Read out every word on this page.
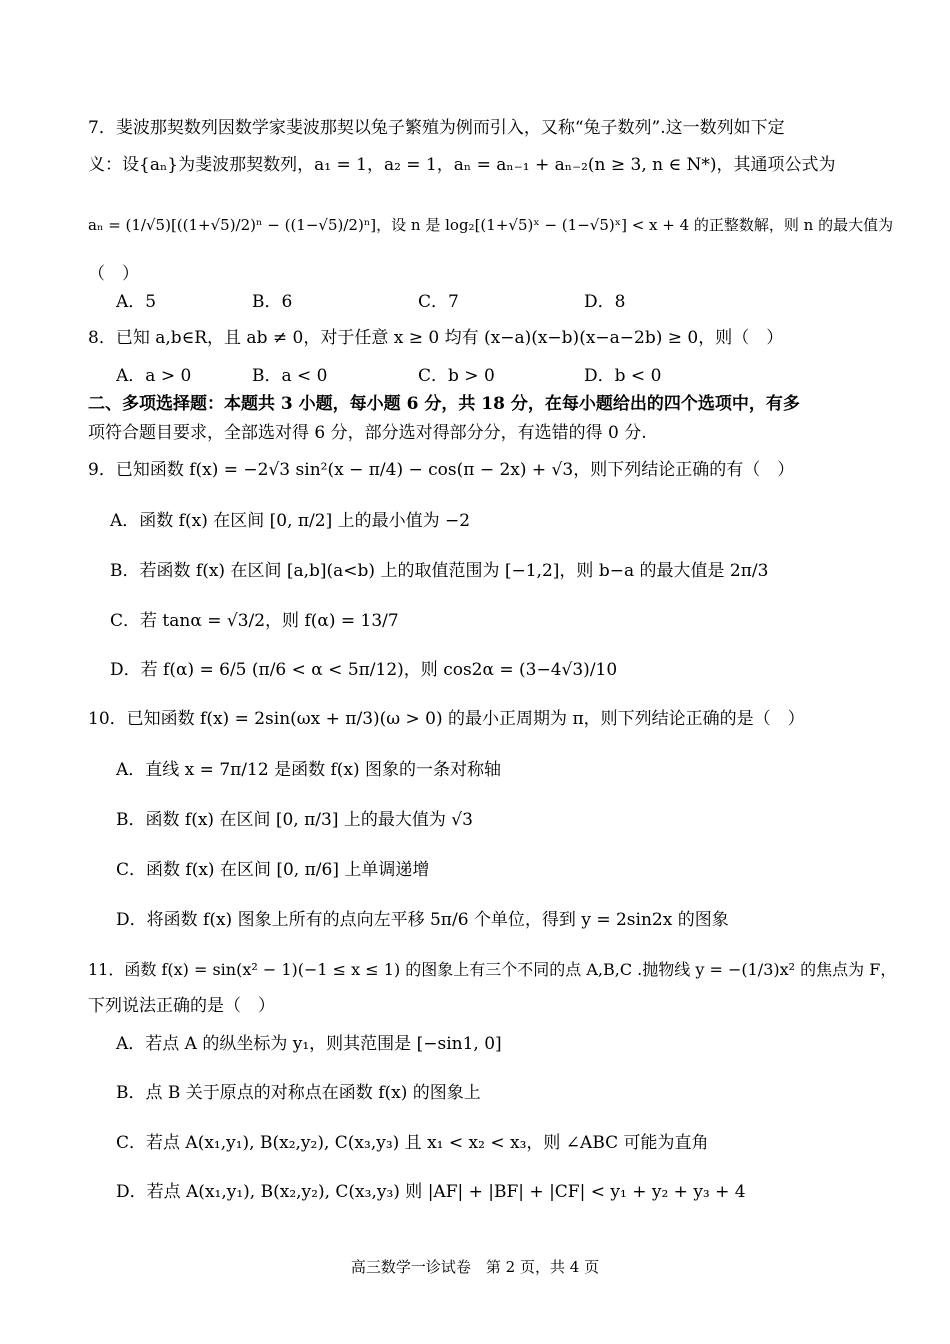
7．斐波那契数列因数学家斐波那契以兔子繁殖为例而引入，又称“兔子数列”.这一数列如下定
义：设{aₙ}为斐波那契数列，a₁ = 1，a₂ = 1，aₙ = aₙ₋₁ + aₙ₋₂(n ≥ 3, n ∈ N*)，其通项公式为
aₙ = (1/√5)[((1+√5)/2)ⁿ − ((1−√5)/2)ⁿ]，设 n 是 log₂[(1+√5)ˣ − (1−√5)ˣ] < x + 4 的正整数解，则 n 的最大值为
（　）
A．5	B．6	C．7	D．8
8．已知 a,b∈R，且 ab ≠ 0，对于任意 x ≥ 0 均有 (x−a)(x−b)(x−a−2b) ≥ 0，则（　）
A．a > 0	B．a < 0	C．b > 0	D．b < 0
二、多项选择题：本题共 3 小题，每小题 6 分，共 18 分，在每小题给出的四个选项中，有多
项符合题目要求，全部选对得 6 分，部分选对得部分分，有选错的得 0 分.
9．已知函数 f(x) = −2√3 sin²(x − π/4) − cos(π − 2x) + √3，则下列结论正确的有（　）
A．函数 f(x) 在区间 [0, π/2] 上的最小值为 −2
B．若函数 f(x) 在区间 [a,b](a<b) 上的取值范围为 [−1,2]，则 b−a 的最大值是 2π/3
C．若 tanα = √3/2，则 f(α) = 13/7
D．若 f(α) = 6/5 (π/6 < α < 5π/12)，则 cos2α = (3−4√3)/10
10．已知函数 f(x) = 2sin(ωx + π/3)(ω > 0) 的最小正周期为 π，则下列结论正确的是（　）
A．直线 x = 7π/12 是函数 f(x) 图象的一条对称轴
B．函数 f(x) 在区间 [0, π/3] 上的最大值为 √3
C．函数 f(x) 在区间 [0, π/6] 上单调递增
D．将函数 f(x) 图象上所有的点向左平移 5π/6 个单位，得到 y = 2sin2x 的图象
11．函数 f(x) = sin(x² − 1)(−1 ≤ x ≤ 1) 的图象上有三个不同的点 A,B,C .抛物线 y = −(1/3)x² 的焦点为 F，
下列说法正确的是（　）
A．若点 A 的纵坐标为 y₁，则其范围是 [−sin1, 0]
B．点 B 关于原点的对称点在函数 f(x) 的图象上
C．若点 A(x₁,y₁), B(x₂,y₂), C(x₃,y₃) 且 x₁ < x₂ < x₃，则 ∠ABC 可能为直角
D．若点 A(x₁,y₁), B(x₂,y₂), C(x₃,y₃) 则 |AF| + |BF| + |CF| < y₁ + y₂ + y₃ + 4
高三数学一诊试卷　第 2 页，共 4 页
